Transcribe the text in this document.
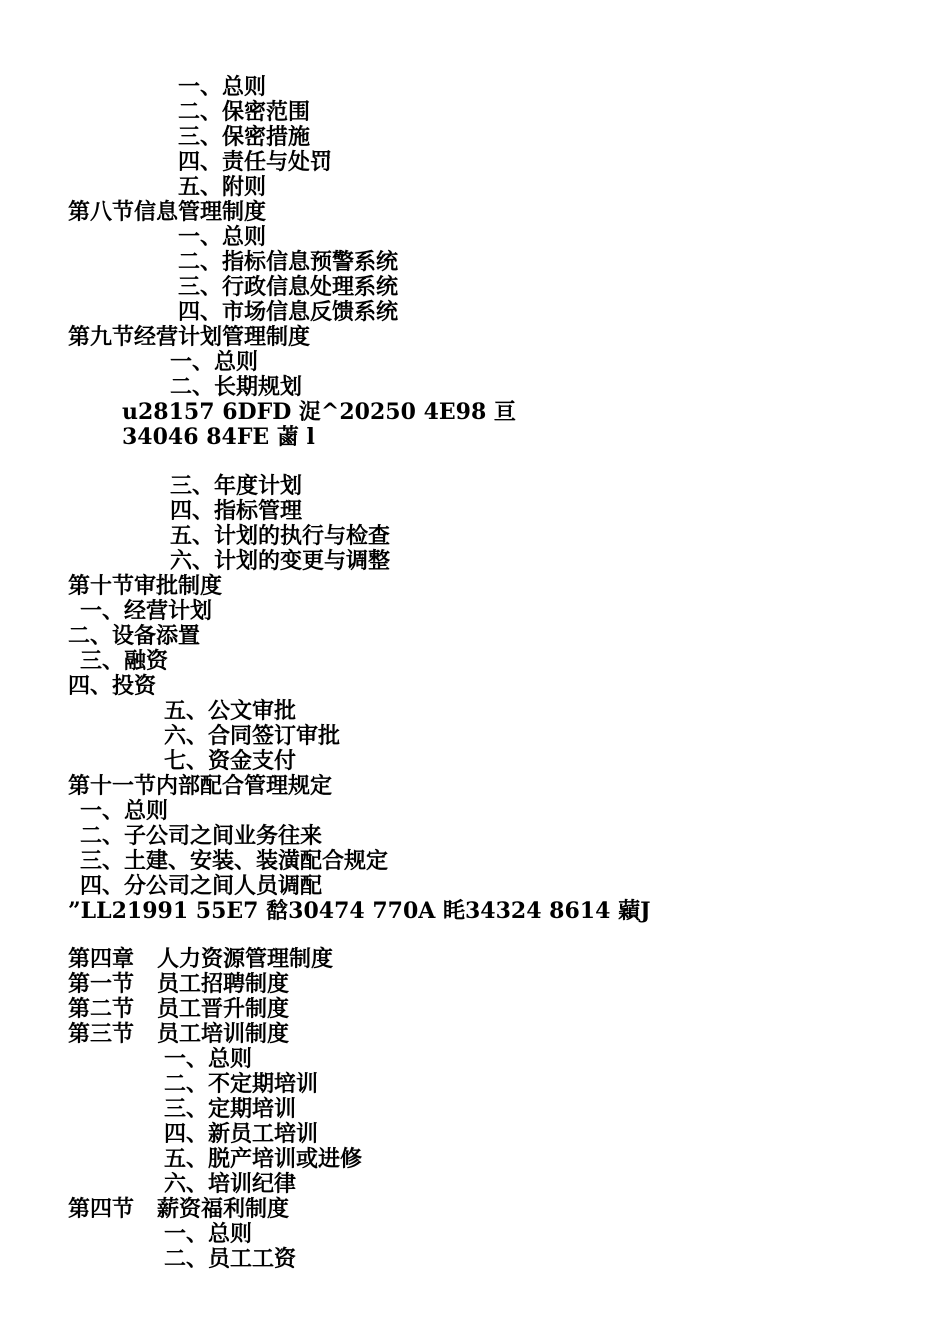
一、总则
二、保密范围
三、保密措施
四、责任与处罚
五、附则
第八节信息管理制度
一、总则
二、指标信息预警系统
三、行政信息处理系统
四、市场信息反馈系统
第九节经营计划管理制度
一、总则
二、长期规划
u28157 6DFD 浞^20250 4E98 亘
34046 84FE 蓾 l
三、年度计划
四、指标管理
五、计划的执行与检查
六、计划的变更与调整
第十节审批制度
一、经营计划
二、设备添置
三、融资
四、投资
五、公文审批
六、合同签订审批
七、资金支付
第十一节内部配合管理规定
一、总则
二、子公司之间业务往来
三、土建、安装、装潢配合规定
四、分公司之间人员调配
”LL21991 55E7 馠30474 770A 眊34324 8614 蘔J
第四章   人力资源管理制度
第一节   员工招聘制度
第二节   员工晋升制度
第三节   员工培训制度
一、总则
二、不定期培训
三、定期培训
四、新员工培训
五、脱产培训或进修
六、培训纪律
第四节   薪资福利制度
一、总则
二、员工工资
